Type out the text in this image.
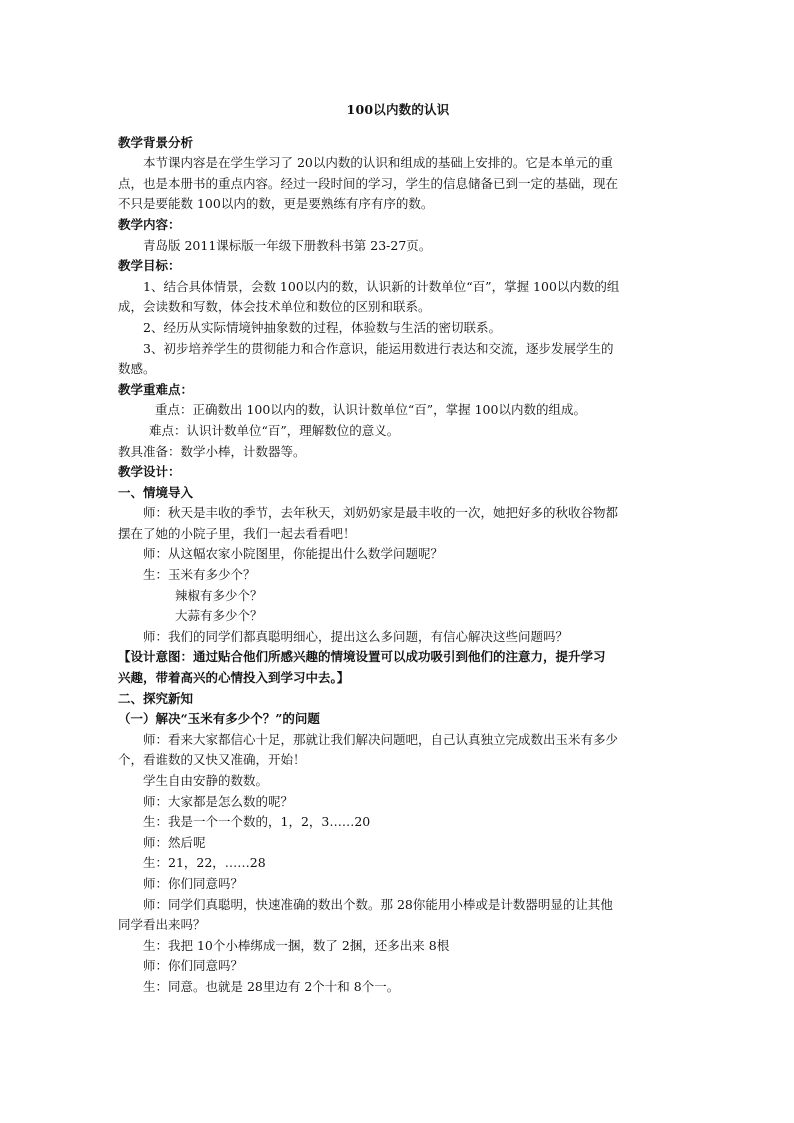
100以内数的认识
教学背景分析
本节课内容是在学生学习了 20以内数的认识和组成的基础上安排的。它是本单元的重
点，也是本册书的重点内容。经过一段时间的学习，学生的信息储备已到一定的基础，现在
不只是要能数 100以内的数，更是要熟练有序有序的数。
教学内容：
青岛版 2011课标版一年级下册教科书第 23-27页。
教学目标：
1、结合具体情景，会数 100以内的数，认识新的计数单位“百”，掌握 100以内数的组
成，会读数和写数，体会技术单位和数位的区别和联系。
2、经历从实际情境钟抽象数的过程，体验数与生活的密切联系。
3、初步培养学生的贯彻能力和合作意识，能运用数进行表达和交流，逐步发展学生的
数感。
教学重难点：
重点：正确数出 100以内的数，认识计数单位“百”，掌握 100以内数的组成。
难点：认识计数单位“百”，理解数位的意义。
教具准备：数学小棒，计数器等。
教学设计：
一、情境导入
师：秋天是丰收的季节，去年秋天，刘奶奶家是最丰收的一次，她把好多的秋收谷物都
摆在了她的小院子里，我们一起去看看吧！
师：从这幅农家小院图里，你能提出什么数学问题呢？
生：玉米有多少个？
辣椒有多少个？
大蒜有多少个？
师：我们的同学们都真聪明细心，提出这么多问题，有信心解决这些问题吗？
【设计意图：通过贴合他们所感兴趣的情境设置可以成功吸引到他们的注意力，提升学习
兴趣，带着高兴的心情投入到学习中去。】
二、探究新知
（一）解决“玉米有多少个？”的问题
师：看来大家都信心十足，那就让我们解决问题吧，自己认真独立完成数出玉米有多少
个，看谁数的又快又准确，开始！
学生自由安静的数数。
师：大家都是怎么数的呢？
生：我是一个一个数的，1，2，3……20
师：然后呢
生：21，22，……28
师：你们同意吗？
师：同学们真聪明，快速准确的数出个数。那 28你能用小棒或是计数器明显的让其他
同学看出来吗？
生：我把 10个小棒绑成一捆，数了 2捆，还多出来 8根
师：你们同意吗？
生：同意。也就是 28里边有 2个十和 8个一。
